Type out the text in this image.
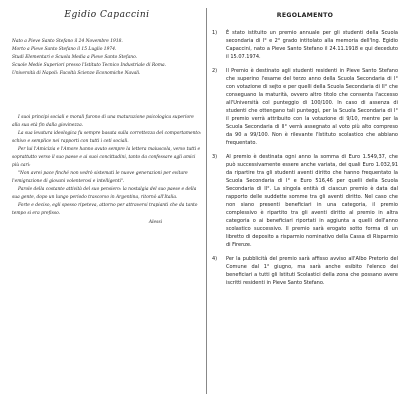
Egidio Capaccini

Nato a Pieve Santo Stefano il 24 Novembre 1918.

Morto a Pieve Santo Stefano il 15 Luglio 1974.

Studi Elementari e Scuola Media a Pieve Santo Stefano.

Scuole Medie Superiori presso l'Istituto Tecnico Industriale di Roma.

Università di Napoli: Facoltà Scienze Economiche Navali.

I suoi principi sociali e morali furono di una maturazione psicologica superiore alla sua età fin dalla giovinezza.

La sua levatura ideologica fu sempre basata sulla correttezza del comportamento: schivo e semplice nei rapporti con tutti i ceti sociali.

Per lui l'Amicizia e l'Amore hanno avuto sempre la lettera maiuscola, verso tutti e soprattutto verso il suo paese e ai suoi concittadini, tanto da confessare agli amici più cari:

"Non avrei pace finché non vedrò sistemati le nuove generazioni per evitare l'emigrazione di giovani volenterosi e intelligenti".

Parole della costante attività del suo pensiero: la nostalgia del suo paese e della sua gente, dopo un lungo periodo trascorso in Argentina, ritornò all'Italia.

Forte e deciso, egli spesso ripeteva, attorno per attraversi trapianti che da tanto tempo si era prefisso.

Alessi
REGOLAMENTO
1)	È stato istituito un premio annuale per gli studenti della Scuola secondaria di I° e 2° grado intitolato alla memoria dell'Ing. Egidio Capaccini, nato a Pieve Santo Stefano il 24.11.1918 e qui deceduto il 15.07.1974.
2)	Il Premio è destinato agli studenti residenti in Pieve Santo Stefano che superino l'esame del terzo anno della Scuola Secondaria di I° con votazione di sejto e per quelli della Scuola Secondaria di II° che conseguano la maturità, ovvero altro titolo che consenta l'accesso all'Università col punteggio di 100/100. In caso di assenza di studenti che ottengano tali punteggi, per la Scuola Secondaria di I° il premio verrà attribuito con la votazione di 9/10, mentre per la Scuola Secondaria di II° verrà assegnato al voto più alto compreso da 90 a 99/100. Non è rilevante l'Istituto scolastico che abbiano frequentato.
3)	Al premio è destinata ogni anno la somma di Euro 1.549,37, che può successivamente essere anche variata, dei quali Euro 1.032,91 da ripartire tra gli studenti aventi diritto che hanno frequentato la Scuola Secondaria di I° e Euro 516,46 per quelli della Scuola Secondaria di II°. La singola entità di ciascun premio è data dal rapporto delle suddette somme tra gli aventi diritto. Nel caso che non siano presenti beneficiari in una categoria, il premio complessivo è ripartito tra gli aventi diritto al premio in altra categoria o ai beneficiari riportati in aggiunta a quelli dell'anno scolastico successivo. Il premio sarà erogato sotto forma di un libretto di deposito a risparmio nominativo della Cassa di Risparmio di Firenze.
4)	Per la pubblicità del premio sarà affisso avviso all'Albo Pretorio del Comune dal 1° giugno, ma sarà anche esibito l'elenco dei beneficiari a tutti gli Istituti Scolastici della zona che possano avere iscritti residenti in Pieve Santo Stefano.
